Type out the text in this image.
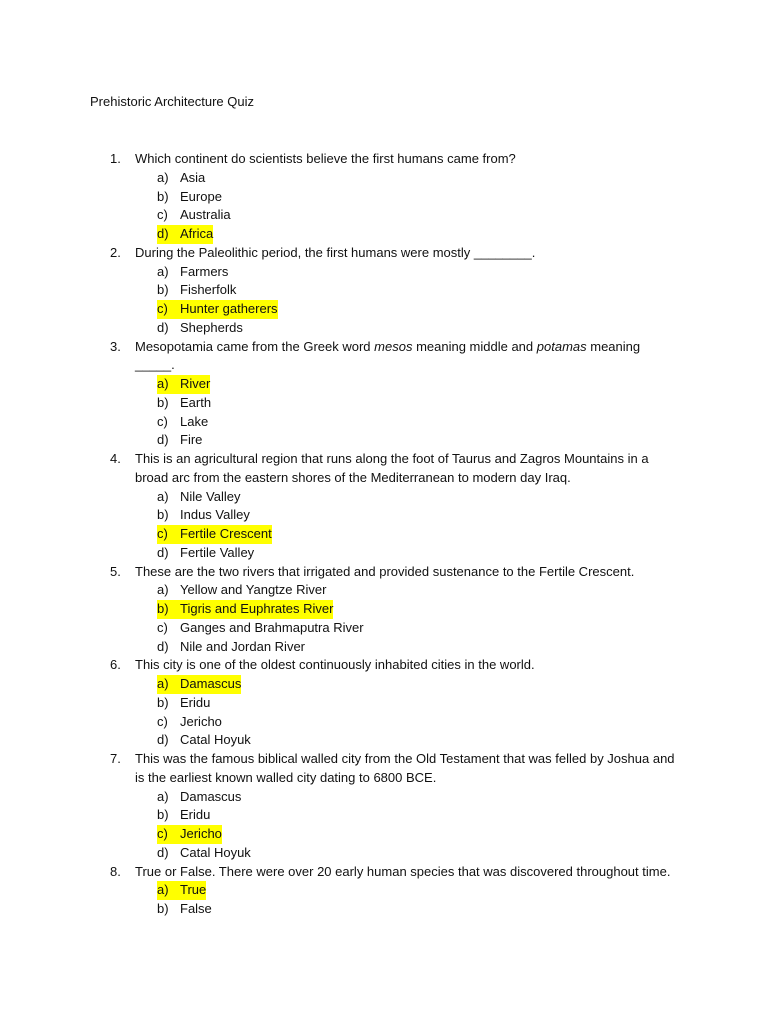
Prehistoric Architecture Quiz
1.	Which continent do scientists believe the first humans came from?
a) Asia
b) Europe
c) Australia
d) Africa
2.	During the Paleolithic period, the first humans were mostly ________.
a) Farmers
b) Fisherfolk
c) Hunter gatherers
d) Shepherds
3.	Mesopotamia came from the Greek word mesos meaning middle and potamas meaning _____.
a) River
b) Earth
c) Lake
d) Fire
4.	This is an agricultural region that runs along the foot of Taurus and Zagros Mountains in a broad arc from the eastern shores of the Mediterranean to modern day Iraq.
a) Nile Valley
b) Indus Valley
c) Fertile Crescent
d) Fertile Valley
5.	These are the two rivers that irrigated and provided sustenance to the Fertile Crescent.
a) Yellow and Yangtze River
b) Tigris and Euphrates River
c) Ganges and Brahmaputra River
d) Nile and Jordan River
6.	This city is one of the oldest continuously inhabited cities in the world.
a) Damascus
b) Eridu
c) Jericho
d) Catal Hoyuk
7.	This was the famous biblical walled city from the Old Testament that was felled by Joshua and is the earliest known walled city dating to 6800 BCE.
a) Damascus
b) Eridu
c) Jericho
d) Catal Hoyuk
8.	True or False. There were over 20 early human species that was discovered throughout time.
a) True
b) False
